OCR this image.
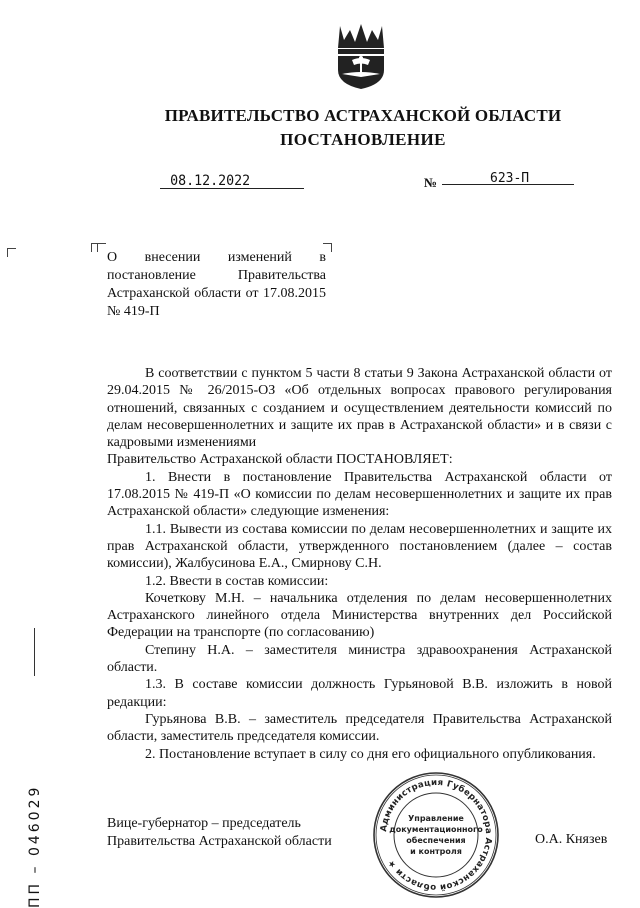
ПРАВИТЕЛЬСТВО АСТРАХАНСКОЙ ОБЛАСТИ
ПОСТАНОВЛЕНИЕ
08.12.2022	№	623-П
О внесении изменений в постановление Правительства Астраханской области от 17.08.2015 № 419-П

В соответствии с пунктом 5 части 8 статьи 9 Закона Астраханской области от 29.04.2015 № 26/2015-ОЗ «Об отдельных вопросах правового регулирования отношений, связанных с созданием и осуществлением деятельности комиссий по делам несовершеннолетних и защите их прав в Астраханской области» и в связи с кадровыми изменениями

Правительство Астраханской области ПОСТАНОВЛЯЕТ:

1. Внести в постановление Правительства Астраханской области от 17.08.2015 № 419-П «О комиссии по делам несовершеннолетних и защите их прав Астраханской области» следующие изменения:

1.1. Вывести из состава комиссии по делам несовершеннолетних и защите их прав Астраханской области, утвержденного постановлением (далее – состав комиссии), Жалбусинова Е.А., Смирнову С.Н.

1.2. Ввести в состав комиссии:

Кочеткову М.Н. – начальника отделения по делам несовершеннолетних Астраханского линейного отдела Министерства внутренних дел Российской Федерации на транспорте (по согласованию)

Степину Н.А. – заместителя министра здравоохранения Астраханской области.

1.3. В составе комиссии должность Гурьяновой В.В. изложить в новой редакции:

Гурьянова В.В. – заместитель председателя Правительства Астраханской области, заместитель председателя комиссии.

2. Постановление вступает в силу со дня его официального опубликования.

ПП – 046029	Вице-губернатор – председатель
Правительства Астраханской области	О.А. Князев
Администрация Губернатора Астраханской области ★
Управление
документационного
обеспечения
и контроля
